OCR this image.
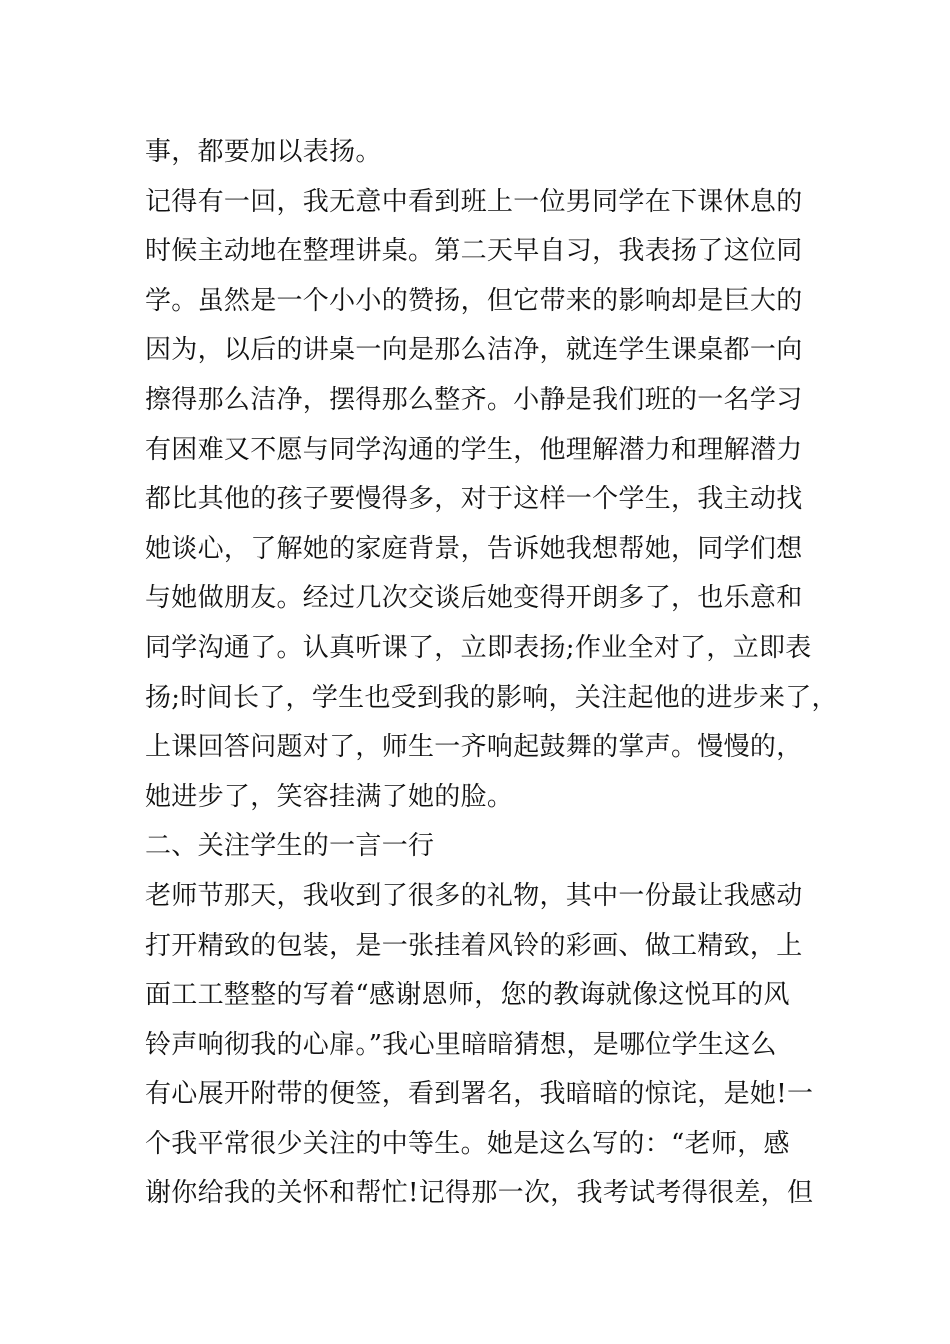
事，都要加以表扬。
记得有一回，我无意中看到班上一位男同学在下课休息的
时候主动地在整理讲桌。第二天早自习，我表扬了这位同
学。虽然是一个小小的赞扬，但它带来的影响却是巨大的
因为，以后的讲桌一向是那么洁净，就连学生课桌都一向
擦得那么洁净，摆得那么整齐。小静是我们班的一名学习
有困难又不愿与同学沟通的学生，他理解潜力和理解潜力
都比其他的孩子要慢得多，对于这样一个学生，我主动找
她谈心，了解她的家庭背景，告诉她我想帮她，同学们想
与她做朋友。经过几次交谈后她变得开朗多了，也乐意和
同学沟通了。认真听课了，立即表扬;作业全对了，立即表
扬;时间长了，学生也受到我的影响，关注起他的进步来了，
上课回答问题对了，师生一齐响起鼓舞的掌声。慢慢的，
她进步了，笑容挂满了她的脸。
二、关注学生的一言一行
老师节那天，我收到了很多的礼物，其中一份最让我感动
打开精致的包装，是一张挂着风铃的彩画、做工精致，上
面工工整整的写着“感谢恩师，您的教诲就像这悦耳的风
铃声响彻我的心扉。”我心里暗暗猜想，是哪位学生这么
有心展开附带的便签，看到署名，我暗暗的惊诧，是她!一
个我平常很少关注的中等生。她是这么写的：“老师，感
谢你给我的关怀和帮忙!记得那一次，我考试考得很差，但
